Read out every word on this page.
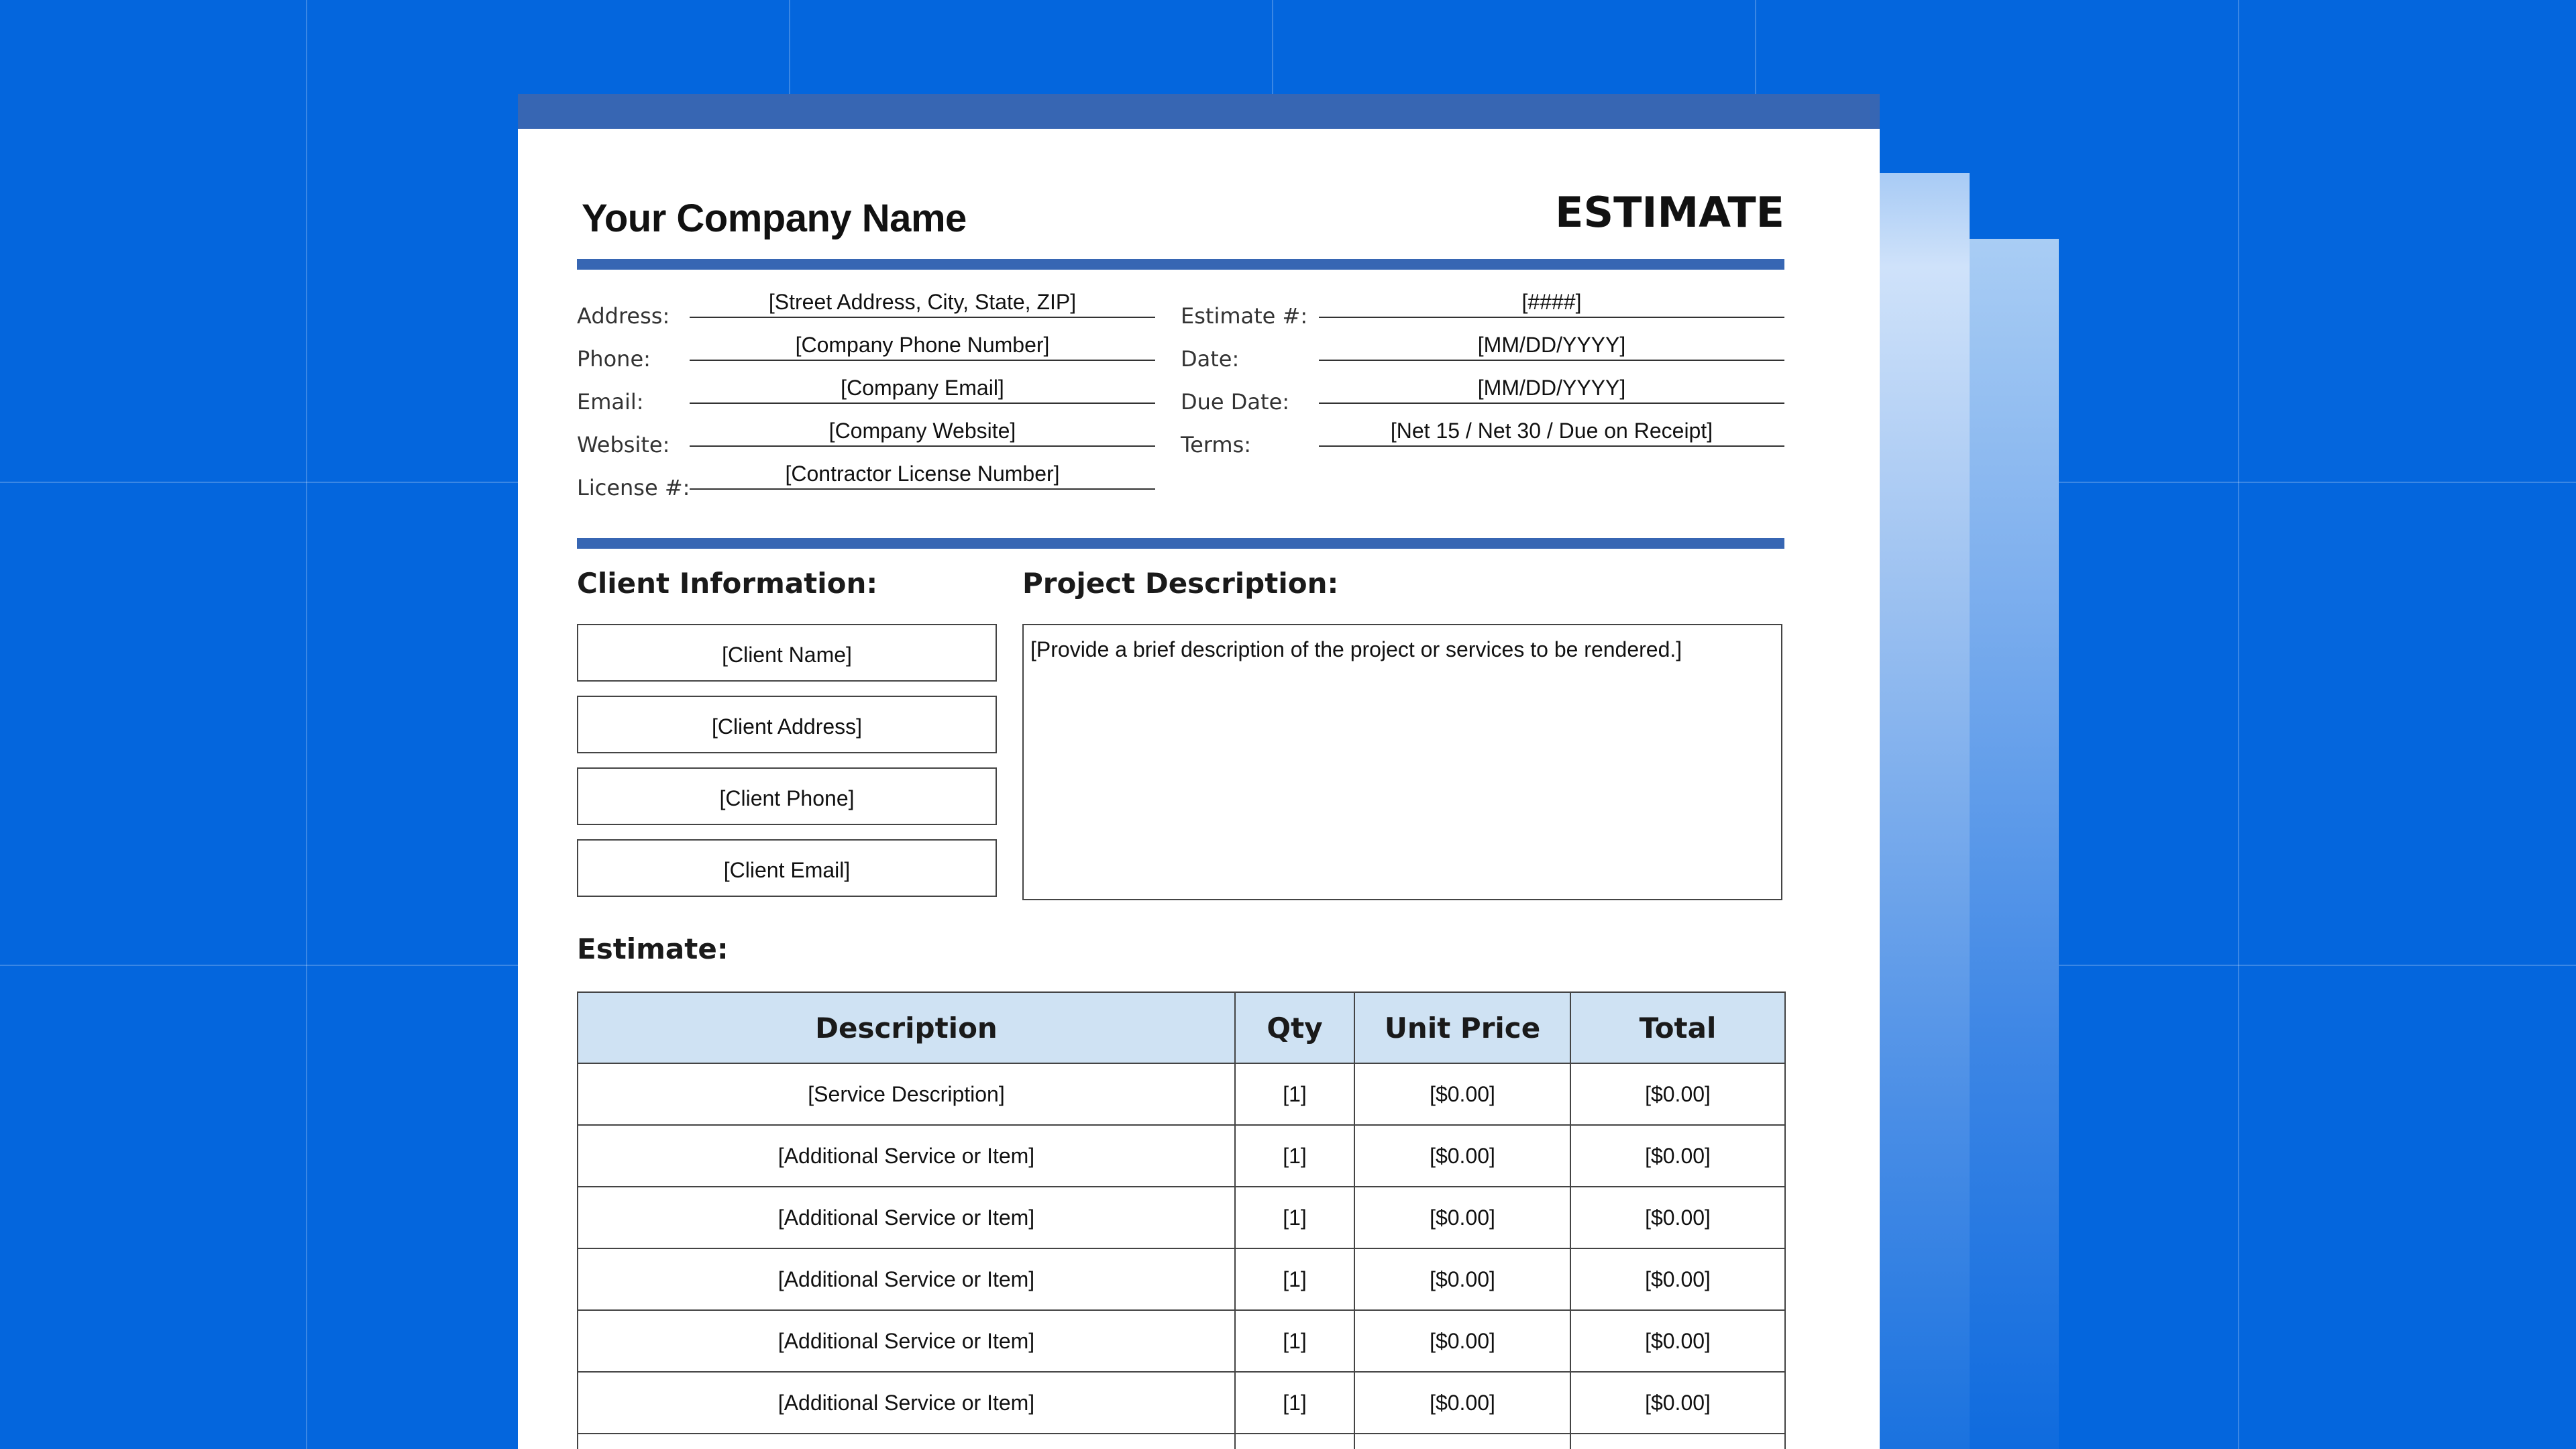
Your Company Name	ESTIMATE
Address:
[Street Address, City, State, ZIP]
Phone:
[Company Phone Number]
Email:
[Company Email]
Website:
[Company Website]
License #:
[Contractor License Number]
Estimate #:
[####]
Date:
[MM/DD/YYYY]
Due Date:
[MM/DD/YYYY]
Terms:
[Net 15 / Net 30 / Due on Receipt]
Client Information:
[Client Name]
[Client Address]
[Client Phone]
[Client Email]
Project Description:
[Provide a brief description of the project or services to be rendered.]
Estimate:
Description	Qty	Unit Price	Total
[Service Description]	[1]	[$0.00]	[$0.00]
[Additional Service or Item]	[1]	[$0.00]	[$0.00]
[Additional Service or Item]	[1]	[$0.00]	[$0.00]
[Additional Service or Item]	[1]	[$0.00]	[$0.00]
[Additional Service or Item]	[1]	[$0.00]	[$0.00]
[Additional Service or Item]	[1]	[$0.00]	[$0.00]
